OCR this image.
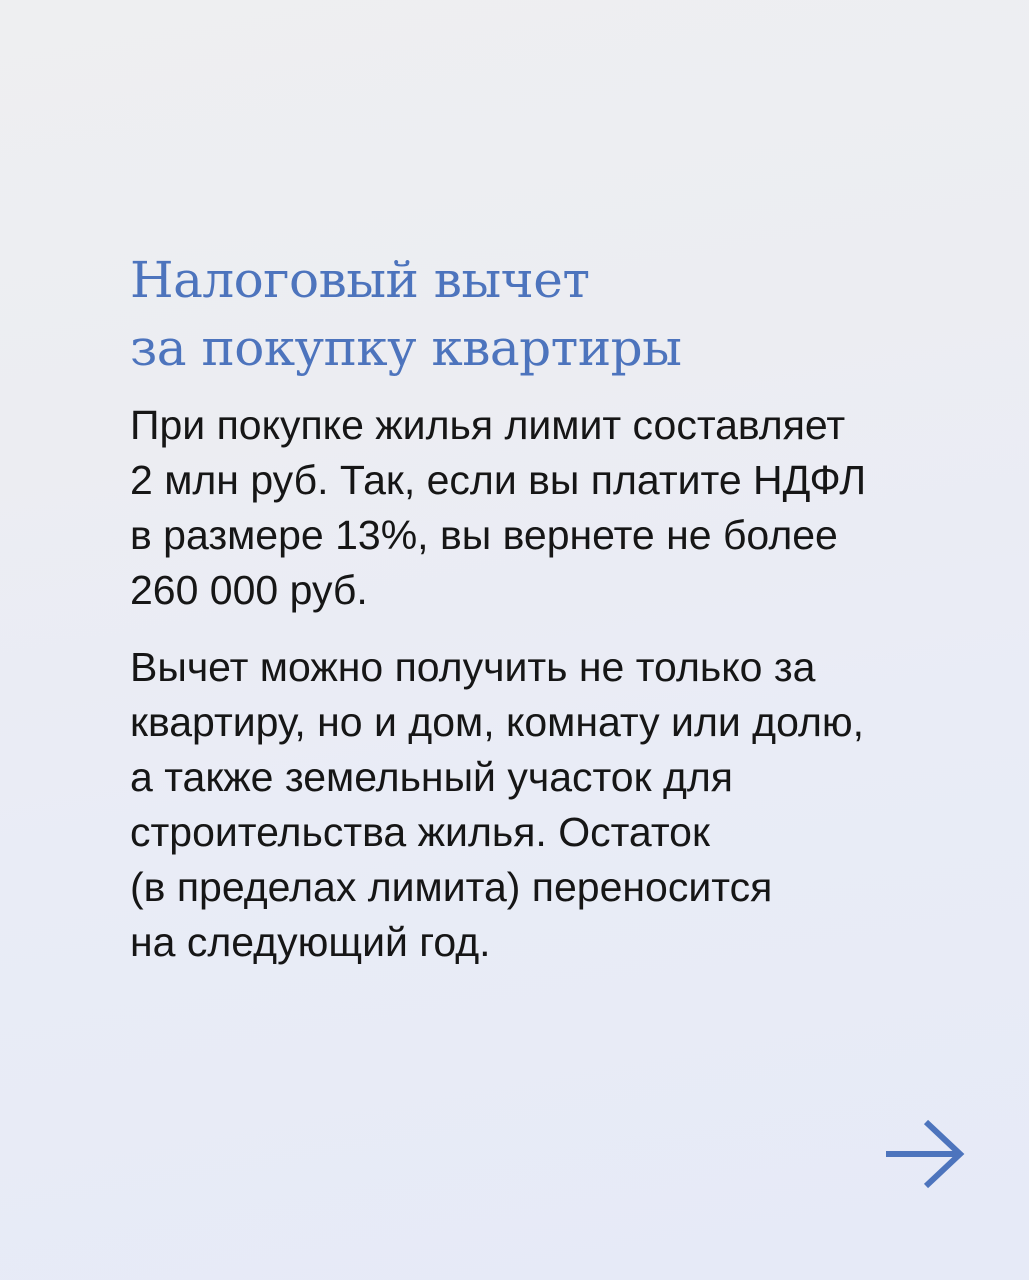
Налоговый вычет
за покупку квартиры

При покупке жилья лимит составляет
2 млн руб. Так, если вы платите НДФЛ
в размере 13%, вы вернете не более
260 000 руб.

Вычет можно получить не только за
квартиру, но и дом, комнату или долю,
а также земельный участок для
строительства жилья. Остаток
(в пределах лимита) переносится
на следующий год.
